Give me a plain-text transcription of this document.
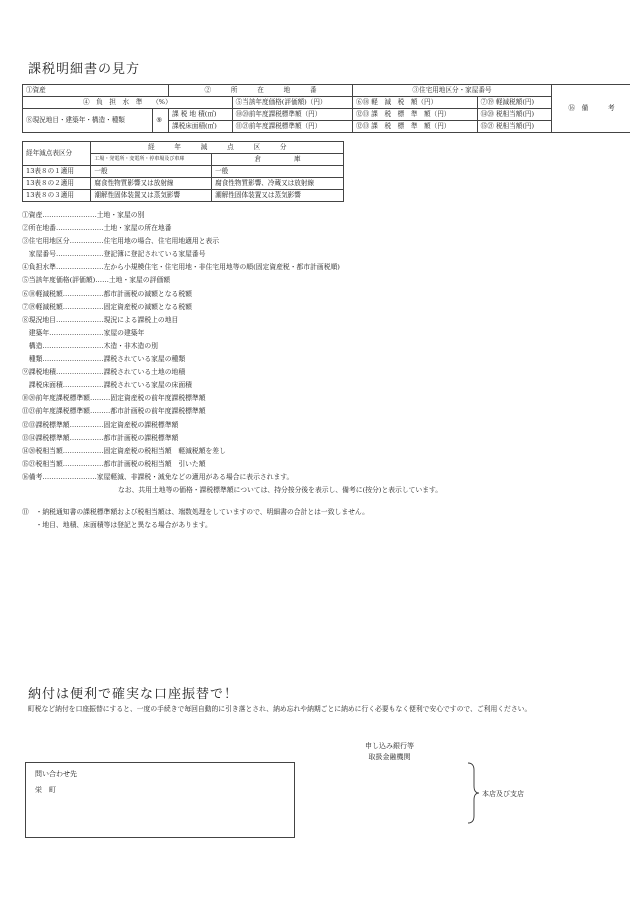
課税明細書の見方
①資産		②　　　所　　　在　　　地　　　番		③住宅用地区分・家屋番号		⑯　備　　　考
④　負　担　水　準　　（%）			⑤当該年度価格(評価額)（円）	⑥⑱ 軽　減　税　額（円）	⑦⑲ 軽減税額(円)	
⑧現況地目・建築年・構造・種類	⑨	課 税 地 積(㎡)	⑩⑳前年度課税標準額（円）	⑫⑬ 課　税　標　準　額（円）	⑭⑳ 税相当額(円)	
		課税床面積(㎡)	⑪㉑前年度課税標準額（円）	⑫⑬ 課　税　標　準　額（円）	⑮㉑ 税相当額(円)	
経年減点表区分	経　　　年　　　減　　　点　　　区　　　分	
	工場・発電所・変電所・停車場及び車庫	倉　　　　　庫
13表８の１適用	一般	一般
13表８の２適用	腐食性物質影響又は放射線	腐食性物質影響、冷蔵又は放射線
13表８の３適用	潮解性固体装置又は蒸気影響	潮解性固体装置又は蒸気影響
①資産……………………土地・家屋の別
②所在地番…………………土地・家屋の所在地番
③住宅用地区分……………住宅用地の場合、住宅用地適用と表示
　家屋番号…………………登記簿に登記されている家屋番号
④負担水準…………………左から小規模住宅・住宅用地・非住宅用地等の順(固定資産税・都市計画税順)
⑤当該年度価格(評価額)……土地・家屋の評価額
⑥⑱軽減税額………………都市計画税の減額となる税額
⑦⑲軽減税額………………固定資産税の減額となる税額
⑧現況地目…………………現況による課税上の地目
　建築年……………………家屋の建築年
　構造………………………木造・非木造の別
　種類………………………課税されている家屋の種類
⑨課税地積…………………課税されている土地の地積
　課税床面積………………課税されている家屋の床面積
⑩⑳前年度課税標準額………固定資産税の前年度課税標準額
⑪㉑前年度課税標準額………都市計画税の前年度課税標準額
⑫⑬課税標準額……………固定資産税の課税標準額
⑬⑭課税標準額……………都市計画税の課税標準額
⑭⑳税相当額………………固定資産税の税相当額　軽減税額を差し
⑮㉑税相当額………………都市計画税の税相当額　引いた額
⑯備考……………………家屋軽減、非課税・減免などの適用がある場合に表示されます。
なお、共用土地等の価格・課税標準額については、持分按分後を表示し、備考に(按分)と表示しています。
⑪　・納税通知書の課税標準額および税相当額は、端数処理をしていますので、明細書の合計とは一致しません。
　　・地目、地積、床面積等は登記と異なる場合があります。
納付は便利で確実な口座振替で！
町税など納付を口座振替にすると、一度の手続きで毎回自動的に引き落とされ、納め忘れや納期ごとに納めに行く必要もなく便利で安心ですので、ご利用ください。
申し込み銀行等
取扱金融機関
問い合わせ先
栄　町	本店及び支店
